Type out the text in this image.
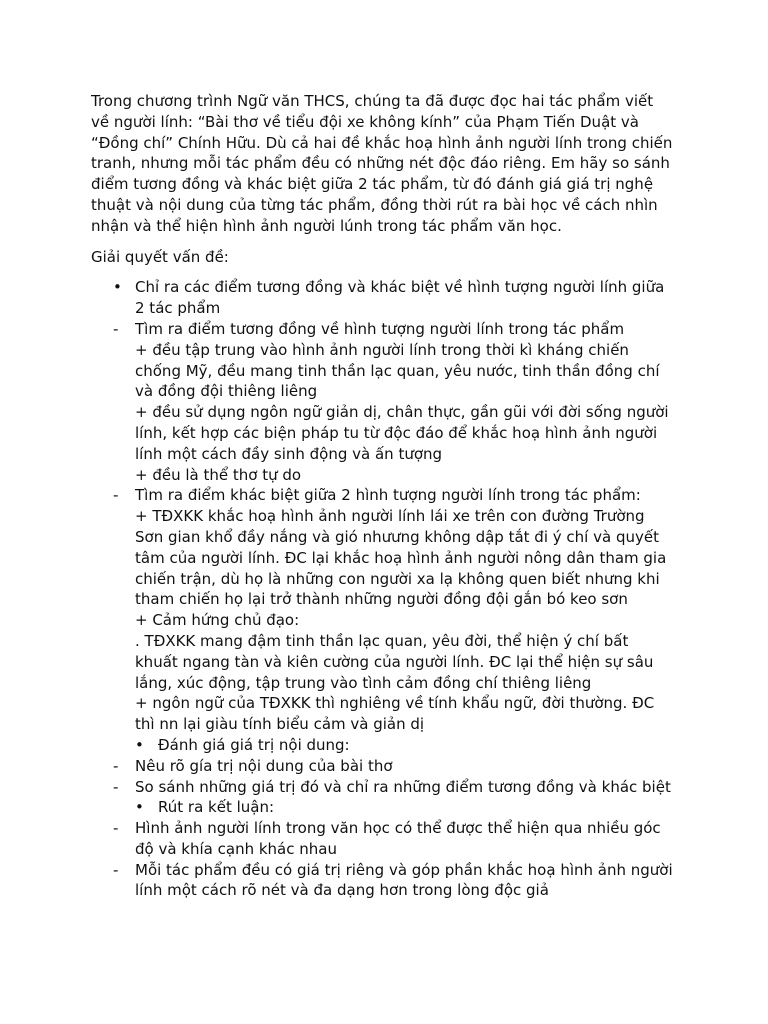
Trong chương trình Ngữ văn THCS, chúng ta đã được đọc hai tác phẩm viết
về người lính: “Bài thơ về tiểu đội xe không kính” của Phạm Tiến Duật và
“Đồng chí” Chính Hữu. Dù cả hai đề khắc hoạ hình ảnh người lính trong chiến
tranh, nhưng mỗi tác phẩm đều có những nét độc đáo riêng. Em hãy so sánh
điểm tương đồng và khác biệt giữa 2 tác phẩm, từ đó đánh giá giá trị nghệ
thuật và nội dung của từng tác phẩm, đồng thời rút ra bài học về cách nhìn
nhận và thể hiện hình ảnh người lúnh trong tác phẩm văn học.

Giải quyết vấn đề:

• Chỉ ra các điểm tương đồng và khác biệt về hình tượng người lính giữa
2 tác phẩm
- Tìm ra điểm tương đồng về hình tượng người lính trong tác phẩm
+ đều tập trung vào hình ảnh người lính trong thời kì kháng chiến
chống Mỹ, đều mang tinh thần lạc quan, yêu nước, tinh thần đồng chí
và đồng đội thiêng liêng
+ đều sử dụng ngôn ngữ giản dị, chân thực, gần gũi với đời sống người
lính, kết hợp các biện pháp tu từ độc đáo để khắc hoạ hình ảnh người
lính một cách đầy sinh động và ấn tượng
+ đều là thể thơ tự do
- Tìm ra điểm khác biệt giữa 2 hình tượng người lính trong tác phẩm:
+ TĐXKK khắc hoạ hình ảnh người lính lái xe trên con đường Trường
Sơn gian khổ đầy nắng và gió nhưưng không dập tắt đi ý chí và quyết
tâm của người lính. ĐC lại khắc hoạ hình ảnh người nông dân tham gia
chiến trận, dù họ là những con người xa lạ không quen biết nhưng khi
tham chiến họ lại trở thành những người đồng đội gắn bó keo sơn
+ Cảm hứng chủ đạo:
. TĐXKK mang đậm tinh thần lạc quan, yêu đời, thể hiện ý chí bất
khuất ngang tàn và kiên cường của người lính. ĐC lại thể hiện sự sâu
lắng, xúc động, tập trung vào tình cảm đồng chí thiêng liêng
+ ngôn ngữ của TĐXKK thì nghiêng về tính khẩu ngữ, đời thường. ĐC
thì nn lại giàu tính biểu cảm và giản dị
• Đánh giá giá trị nội dung:
- Nêu rõ gía trị nội dung của bài thơ
- So sánh những giá trị đó và chỉ ra những điểm tương đồng và khác biệt
• Rút ra kết luận:
- Hình ảnh người lính trong văn học có thể được thể hiện qua nhiều góc
độ và khía cạnh khác nhau
- Mỗi tác phẩm đều có giá trị riêng và góp phần khắc hoạ hình ảnh người
lính một cách rõ nét và đa dạng hơn trong lòng độc giả
